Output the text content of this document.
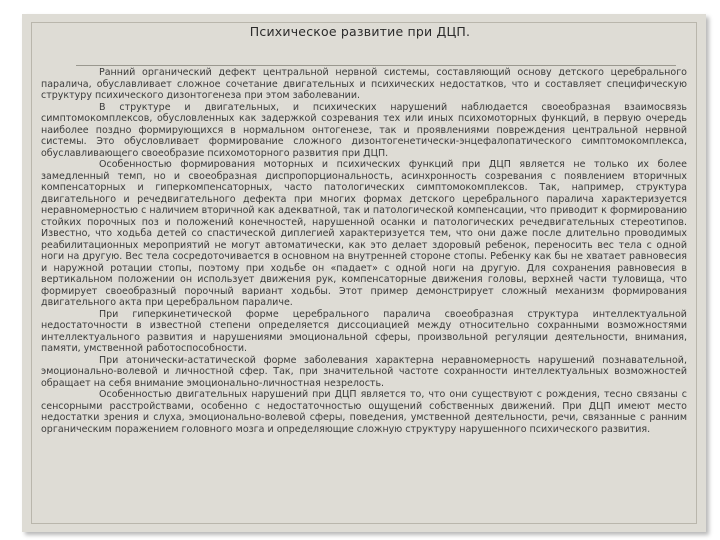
Психическое развитие при ДЦП.

Ранний органический дефект центральной нервной системы, составляющий основу детского церебрального паралича, обуславливает сложное сочетание двигательных и психических недостатков, что и составляет специфическую структуру психического дизонтогенеза при этом заболевании.

В структуре и двигательных, и психических нарушений наблюдается своеобразная взаимосвязь симптомокомплексов, обусловленных как задержкой созревания тех или иных психомоторных функций, в первую очередь наиболее поздно формирующихся в нормальном онтогенезе, так и проявлениями повреждения центральной нервной системы. Это обусловливает формирование сложного дизонтогенетически-энцефалопатического симптомокомплекса, обуславливающего своеобразие психомоторного развития при ДЦП.

Особенностью формирования моторных и психических функций при ДЦП является не только их более замедленный темп, но и своеобразная диспропорциональность, асинхронность созревания с появлением вторичных компенсаторных и гиперкомпенсаторных, часто патологических симптомокомплексов. Так, например, структура двигательного и речедвигательного дефекта при многих формах детского церебрального паралича характеризуется неравномерностью с наличием вторичной как адекватной, так и патологической компенсации, что приводит к формированию стойких порочных поз и положений конечностей, нарушенной осанки и патологических речедвигательных стереотипов. Известно, что ходьба детей со спастической диплегией характеризуется тем, что они даже после длительно проводимых реабилитационных мероприятий не могут автоматически, как это делает здоровый ребенок, переносить вес тела с одной ноги на другую. Вес тела сосредоточивается в основном на внутренней стороне стопы. Ребенку как бы не хватает равновесия и наружной ротации стопы, поэтому при ходьбе он «падает» с одной ноги на другую. Для сохранения равновесия в вертикальном положении он использует движения рук, компенсаторные движения головы, верхней части туловища, что формирует своеобразный порочный вариант ходьбы. Этот пример демонстрирует сложный механизм формирования двигательного акта при церебральном параличе.

При гиперкинетической форме церебрального паралича своеобразная структура интеллектуальной недостаточности в известной степени определяется диссоциацией между относительно сохранными возможностями интеллектуального развития и нарушениями эмоциональной сферы, произвольной регуляции деятельности, внимания, памяти, умственной работоспособности.

При атонически-астатической форме заболевания характерна неравномерность нарушений познавательной, эмоционально-волевой и личностной сфер. Так, при значительной частоте сохранности интеллектуальных возможностей обращает на себя внимание эмоционально-личностная незрелость.

Особенностью двигательных нарушений при ДЦП является то, что они существуют с рождения, тесно связаны с сенсорными расстройствами, особенно с недостаточностью ощущений собственных движений. При ДЦП имеют место недостатки зрения и слуха, эмоционально-волевой сферы, поведения, умственной деятельности, речи, связанные с ранним органическим поражением головного мозга и определяющие сложную структуру нарушенного психического развития.
